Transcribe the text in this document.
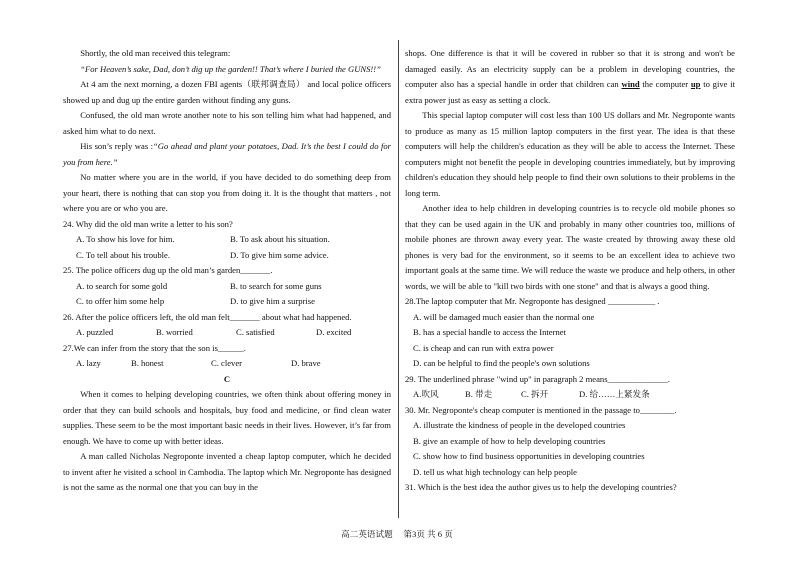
Shortly, the old man received this telegram:

“For Heaven’s sake, Dad, don’t dig up the garden!! That’s where I buried the GUNS!!”

At 4 am the next morning, a dozen FBI agents（联邦调查局） and local police officers showed up and dug up the entire garden without finding any guns.

Confused, the old man wrote another note to his son telling him what had happened, and asked him what to do next.

His son’s reply was :“Go ahead and plant your potatoes, Dad. It’s the best I could do for you from here.”

No matter where you are in the world, if you have decided to do something deep from your heart, there is nothing that can stop you from doing it. It is the thought that matters , not where you are or who you are.

24. Why did the old man write a letter to his son?

A. To show his love for him.	B. To ask about his situation.
C. To tell about his trouble.	D. To give him some advice.

25. The police officers dug up the old man’s garden_______.

A. to search for some gold	B. to search for some guns
C. to offer him some help	D. to give him a surprise

26. After the police officers left, the old man felt_______ about what had happened.

A. puzzled	B. worried	C. satisfied	D. excited

27.We can infer from the story that the son is______.

A. lazy	B. honest	C. clever	D. brave

C

When it comes to helping developing countries, we often think about offering money in order that they can build schools and hospitals, buy food and medicine, or find clean water supplies. These seem to be the most important basic needs in their lives. However, it’s far from enough. We have to come up with better ideas.

A man called Nicholas Negroponte invented a cheap laptop computer, which he decided to invent after he visited a school in Cambodia. The laptop which Mr. Negroponte has designed is not the same as the normal one that you can buy in the

shops. One difference is that it will be covered in rubber so that it is strong and won't be damaged easily. As an electricity supply can be a problem in developing countries, the computer also has a special handle in order that children can wind the computer up to give it extra power just as easy as setting a clock.

This special laptop computer will cost less than 100 US dollars and Mr. Negroponte wants to produce as many as 15 million laptop computers in the first year. The idea is that these computers will help the children's education as they will be able to access the Internet. These computers might not benefit the people in developing countries immediately, but by improving children's education they should help people to find their own solutions to their problems in the long term.

Another idea to help children in developing countries is to recycle old mobile phones so that they can be used again in the UK and probably in many other countries too, millions of mobile phones are thrown away every year. The waste created by throwing away these old phones is very bad for the environment, so it seems to be an excellent idea to achieve two important goals at the same time. We will reduce the waste we produce and help others, in other words, we will be able to "kill two birds with one stone" and that is always a good thing.

28.The laptop computer that Mr. Negroponte has designed ___________ .

A. will be damaged much easier than the normal one

B. has a special handle to access the Internet

C. is cheap and can run with extra power

D. can be helpful to find the people's own solutions

29. The underlined phrase "wind up" in paragraph 2 means______________.

A.吹风	B. 带走	C. 拆开	D. 给……上紧发条

30. Mr. Negroponte's cheap computer is mentioned in the passage to________.

A. illustrate the kindness of people in the developed countries

B. give an example of how to help developing countries

C. show how to find business opportunities in developing countries

D. tell us what high technology can help people

31. Which is the best idea the author gives us to help the developing countries?

高二英语试题　 第3页 共 6 页
